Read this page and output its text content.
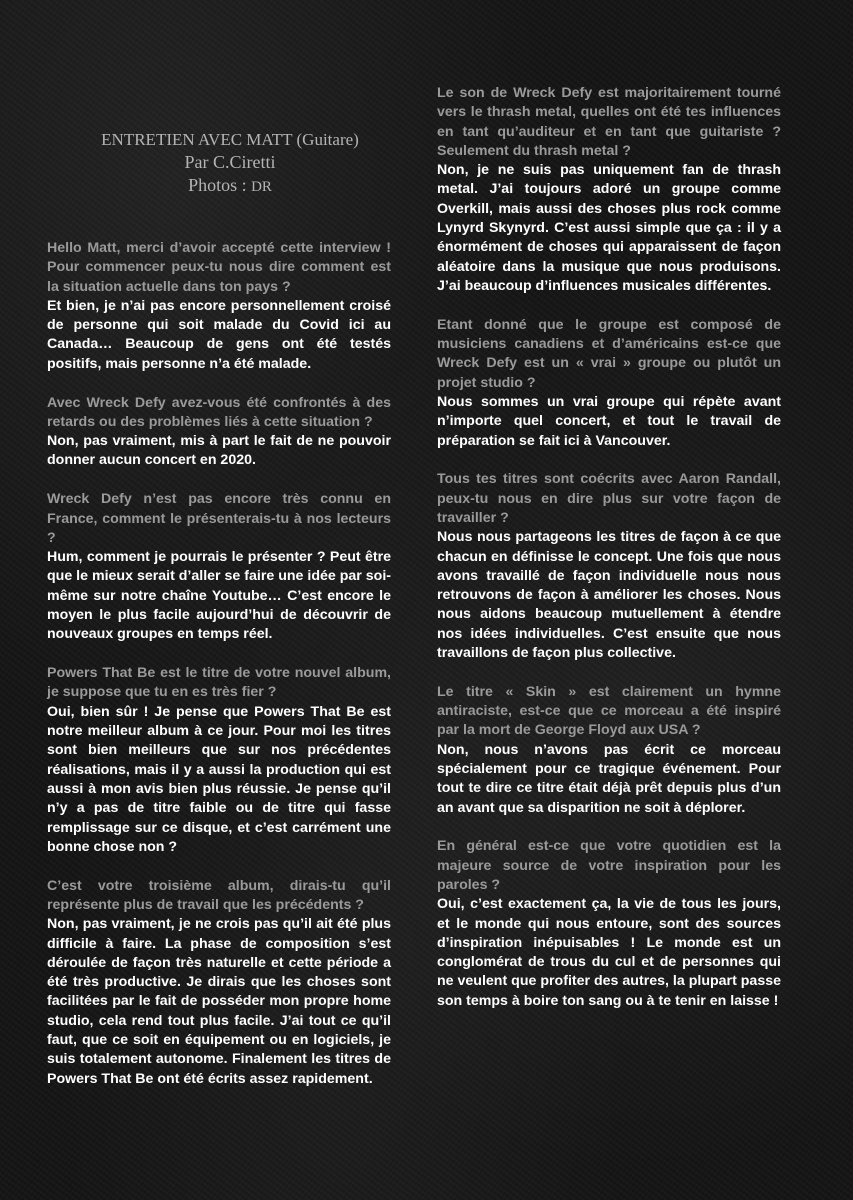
ENTRETIEN AVEC MATT (Guitare)
Par C.Ciretti
Photos : DR

Hello Matt, merci d’avoir accepté cette interview ! Pour commencer peux-tu nous dire comment est la situation actuelle dans ton pays ?

Et bien, je n’ai pas encore personnellement croisé de personne qui soit malade du Covid ici au Canada… Beaucoup de gens ont été testés positifs, mais personne n’a été malade.

Avec Wreck Defy avez-vous été confrontés à des retards ou des problèmes liés à cette situation ?

Non, pas vraiment, mis à part le fait de ne pouvoir donner aucun concert en 2020.

Wreck Defy n’est pas encore très connu en France, comment le présenterais-tu à nos lecteurs ?

Hum, comment je pourrais le présenter ? Peut être que le mieux serait d’aller se faire une idée par soi-même sur notre chaîne Youtube… C’est encore le moyen le plus facile aujourd’hui de découvrir de nouveaux groupes en temps réel.

Powers That Be est le titre de votre nouvel album, je suppose que tu en es très fier ?

Oui, bien sûr ! Je pense que Powers That Be est notre meilleur album à ce jour. Pour moi les titres sont bien meilleurs que sur nos précédentes réalisations, mais il y a aussi la production qui est aussi à mon avis bien plus réussie. Je pense qu’il n’y a pas de titre faible ou de titre qui fasse remplissage sur ce disque, et c’est carrément une bonne chose non ?

C’est votre troisième album, dirais-tu qu’il représente plus de travail que les précédents ?

Non, pas vraiment, je ne crois pas qu’il ait été plus difficile à faire. La phase de composition s’est déroulée de façon très naturelle et cette période a été très productive. Je dirais que les choses sont facilitées par le fait de posséder mon propre home studio, cela rend tout plus facile. J’ai tout ce qu’il faut, que ce soit en équipement ou en logiciels, je suis totalement autonome. Finalement les titres de Powers That Be ont été écrits assez rapidement.

Le son de Wreck Defy est majoritairement tourné vers le thrash metal, quelles ont été tes influences en tant qu’auditeur et en tant que guitariste ? Seulement du thrash metal ?

Non, je ne suis pas uniquement fan de thrash metal. J’ai toujours adoré un groupe comme Overkill, mais aussi des choses plus rock comme Lynyrd Skynyrd. C’est aussi simple que ça : il y a énormément de choses qui apparaissent de façon aléatoire dans la musique que nous produisons. J’ai beaucoup d’influences musicales différentes.

Etant donné que le groupe est composé de musiciens canadiens et d’américains est-ce que Wreck Defy est un « vrai » groupe ou plutôt un projet studio ?

Nous sommes un vrai groupe qui répète avant n’importe quel concert, et tout le travail de préparation se fait ici à Vancouver.

Tous tes titres sont coécrits avec Aaron Randall, peux-tu nous en dire plus sur votre façon de travailler ?

Nous nous partageons les titres de façon à ce que chacun en définisse le concept. Une fois que nous avons travaillé de façon individuelle nous nous retrouvons de façon à améliorer les choses. Nous nous aidons beaucoup mutuellement à étendre nos idées individuelles. C’est ensuite que nous travaillons de façon plus collective.

Le titre « Skin » est clairement un hymne antiraciste, est-ce que ce morceau a été inspiré par la mort de George Floyd aux USA ?

Non, nous n’avons pas écrit ce morceau spécialement pour ce tragique événement. Pour tout te dire ce titre était déjà prêt depuis plus d’un an avant que sa disparition ne soit à déplorer.

En général est-ce que votre quotidien est la majeure source de votre inspiration pour les paroles ?

Oui, c’est exactement ça, la vie de tous les jours, et le monde qui nous entoure, sont des sources d’inspiration inépuisables ! Le monde est un conglomérat de trous du cul et de personnes qui ne veulent que profiter des autres, la plupart passe son temps à boire ton sang ou à te tenir en laisse !
